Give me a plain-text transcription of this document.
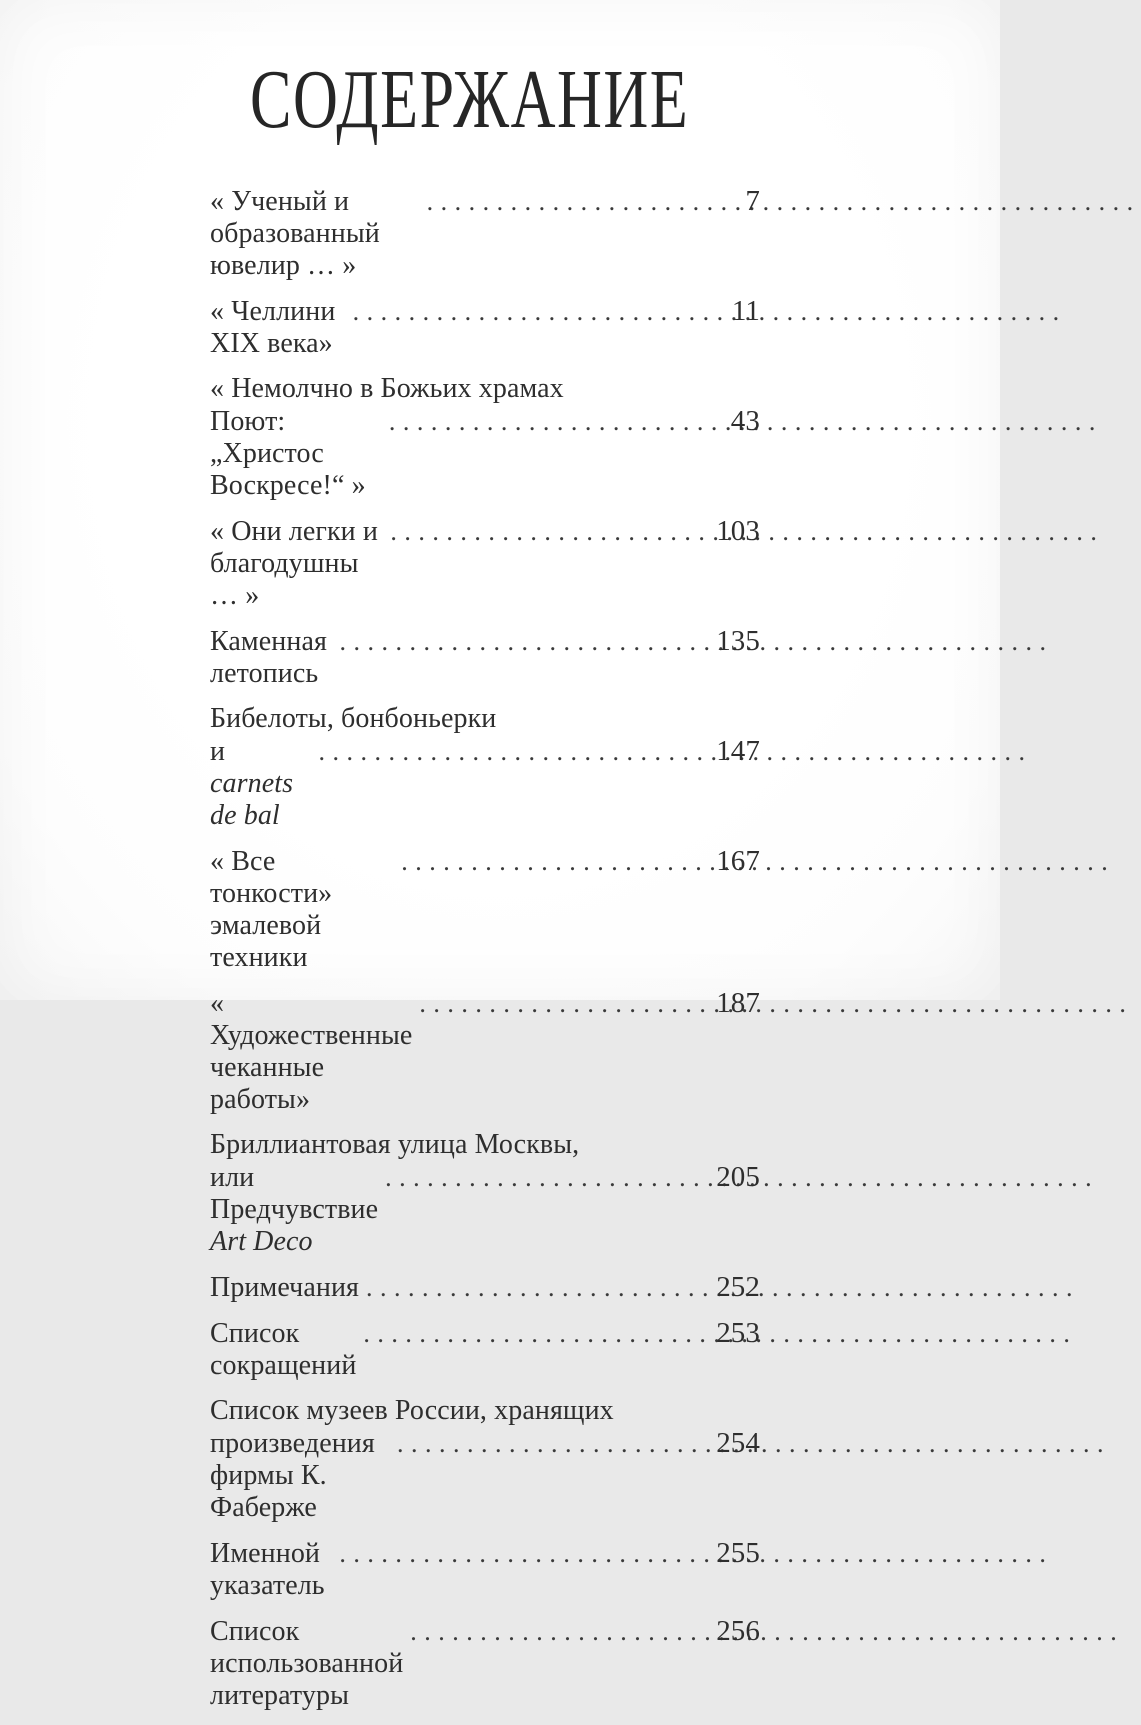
СОДЕРЖАНИЕ
« Ученый и образованный ювелир … »
.....
7
« Челлини XIX века»
.....
11
« Немолчно в Божьих храмах
Поют: „Христос Воскресе!“ »
.....
43
« Они легки и благодушны … »
.....
103
Каменная летопись
.....
135
Бибелоты, бонбоньерки
и carnets de bal
.....
147
« Все тонкости» эмалевой техники
.....
167
« Художественные чеканные работы»
.....
187
Бриллиантовая улица Москвы,
или Предчувствие Art Deco
.....
205
Примечания .....	252
Список сокращений
.....
253
Список музеев России, хранящих
произведения фирмы К. Фаберже
.....
254
Именной указатель
.....
255
Список использованной литературы
.....
256
